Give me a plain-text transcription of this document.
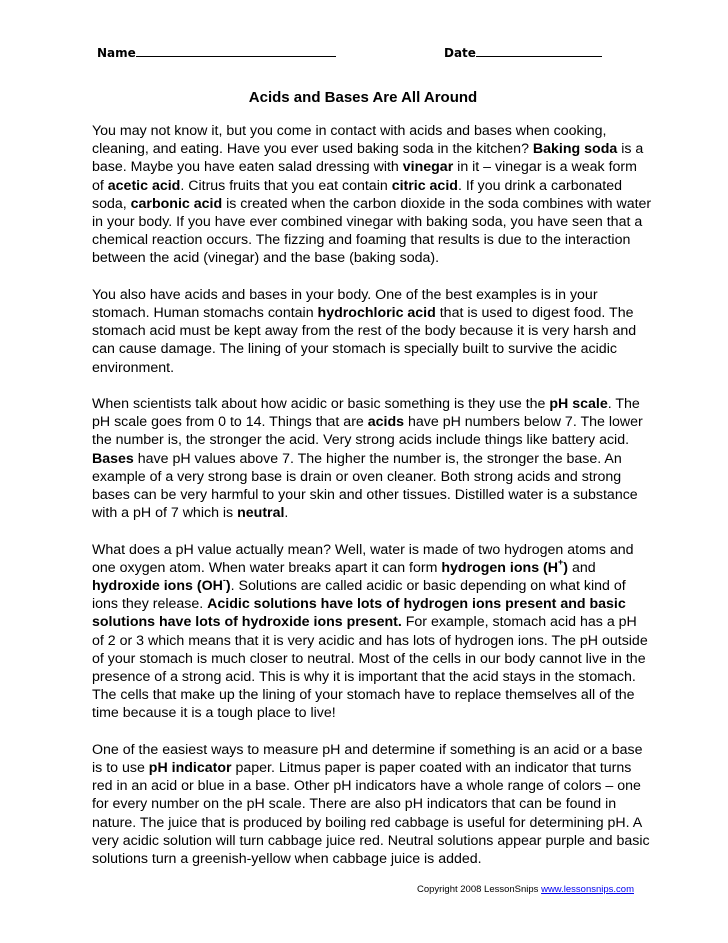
Name	Date
Acids and Bases Are All Around

You may not know it, but you come in contact with acids and bases when cooking, cleaning, and eating. Have you ever used baking soda in the kitchen? Baking soda is a base. Maybe you have eaten salad dressing with vinegar in it – vinegar is a weak form of acetic acid. Citrus fruits that you eat contain citric acid. If you drink a carbonated soda, carbonic acid is created when the carbon dioxide in the soda combines with water in your body. If you have ever combined vinegar with baking soda, you have seen that a chemical reaction occurs. The fizzing and foaming that results is due to the interaction between the acid (vinegar) and the base (baking soda).

You also have acids and bases in your body. One of the best examples is in your stomach. Human stomachs contain hydrochloric acid that is used to digest food. The stomach acid must be kept away from the rest of the body because it is very harsh and can cause damage. The lining of your stomach is specially built to survive the acidic environment.

When scientists talk about how acidic or basic something is they use the pH scale. The pH scale goes from 0 to 14. Things that are acids have pH numbers below 7. The lower the number is, the stronger the acid. Very strong acids include things like battery acid. Bases have pH values above 7. The higher the number is, the stronger the base. An example of a very strong base is drain or oven cleaner. Both strong acids and strong bases can be very harmful to your skin and other tissues. Distilled water is a substance with a pH of 7 which is neutral.

What does a pH value actually mean? Well, water is made of two hydrogen atoms and one oxygen atom. When water breaks apart it can form hydrogen ions (H+) and hydroxide ions (OH-). Solutions are called acidic or basic depending on what kind of ions they release. Acidic solutions have lots of hydrogen ions present and basic solutions have lots of hydroxide ions present. For example, stomach acid has a pH of 2 or 3 which means that it is very acidic and has lots of hydrogen ions. The pH outside of your stomach is much closer to neutral. Most of the cells in our body cannot live in the presence of a strong acid. This is why it is important that the acid stays in the stomach. The cells that make up the lining of your stomach have to replace themselves all of the time because it is a tough place to live!

One of the easiest ways to measure pH and determine if something is an acid or a base is to use pH indicator paper. Litmus paper is paper coated with an indicator that turns red in an acid or blue in a base. Other pH indicators have a whole range of colors – one for every number on the pH scale. There are also pH indicators that can be found in nature. The juice that is produced by boiling red cabbage is useful for determining pH. A very acidic solution will turn cabbage juice red. Neutral solutions appear purple and basic solutions turn a greenish-yellow when cabbage juice is added.

Copyright 2008 LessonSnips www.lessonsnips.com
